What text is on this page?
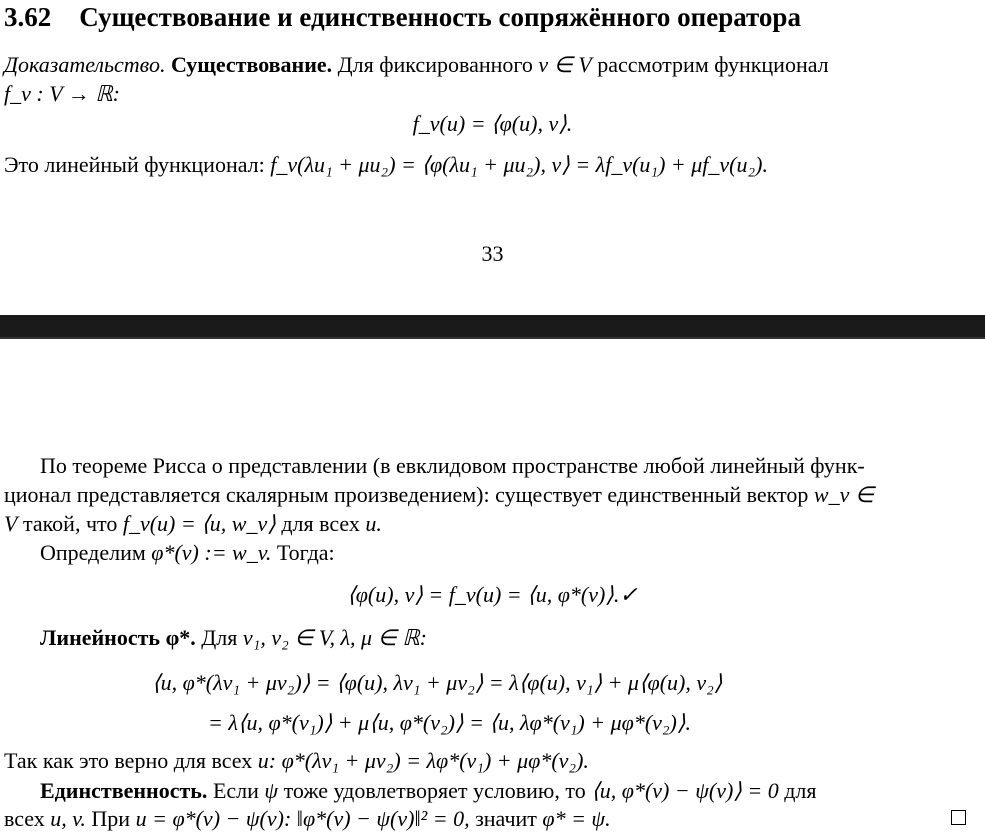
3.62 Существование и единственность сопряжённого оператора
Доказательство. Существование. Для фиксированного v ∈ V рассмотрим функционал
f_v : V → ℝ:
f_v(u) = ⟨φ(u), v⟩.
Это линейный функционал: f_v(λu₁ + μu₂) = ⟨φ(λu₁ + μu₂), v⟩ = λf_v(u₁) + μf_v(u₂).
33
По теореме Рисса о представлении (в евклидовом пространстве любой линейный функ-
ционал представляется скалярным произведением): существует единственный вектор w_v ∈
V такой, что f_v(u) = ⟨u, w_v⟩ для всех u.
Определим φ*(v) := w_v. Тогда:
⟨φ(u), v⟩ = f_v(u) = ⟨u, φ*(v)⟩.✓
Линейность φ*. Для v₁, v₂ ∈ V, λ, μ ∈ ℝ:
⟨u, φ*(λv₁ + μv₂)⟩ = ⟨φ(u), λv₁ + μv₂⟩ = λ⟨φ(u), v₁⟩ + μ⟨φ(u), v₂⟩
= λ⟨u, φ*(v₁)⟩ + μ⟨u, φ*(v₂)⟩ = ⟨u, λφ*(v₁) + μφ*(v₂)⟩.
Так как это верно для всех u: φ*(λv₁ + μv₂) = λφ*(v₁) + μφ*(v₂).
Единственность. Если ψ тоже удовлетворяет условию, то ⟨u, φ*(v) − ψ(v)⟩ = 0 для
всех u, v. При u = φ*(v) − ψ(v): ‖φ*(v) − ψ(v)‖² = 0, значит φ* = ψ.
